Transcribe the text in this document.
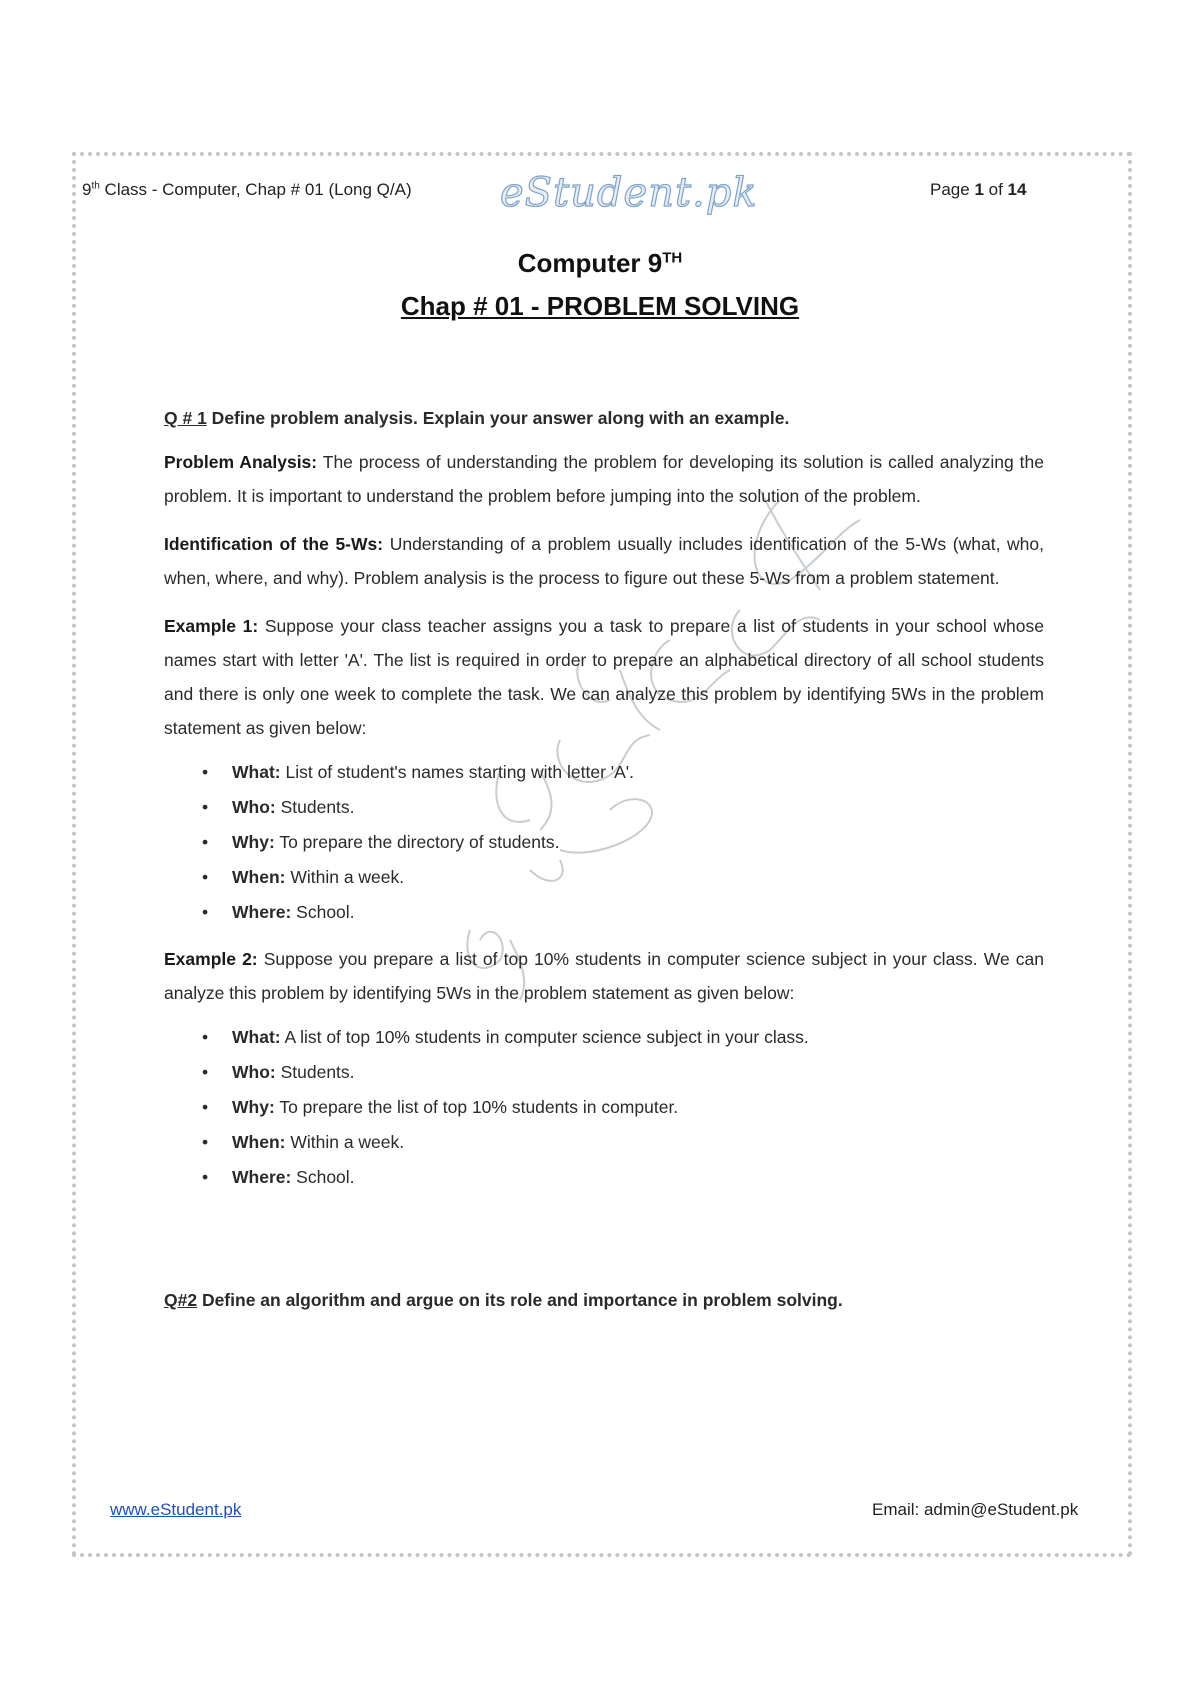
9th Class - Computer, Chap # 01 (Long Q/A) eStudent.pk	Page 1 of 14
Computer 9TH
Chap # 01 - PROBLEM SOLVING

Q # 1 Define problem analysis. Explain your answer along with an example.

Problem Analysis: The process of understanding the problem for developing its solution is called analyzing the problem. It is important to understand the problem before jumping into the solution of the problem.

Identification of the 5-Ws: Understanding of a problem usually includes identification of the 5-Ws (what, who, when, where, and why). Problem analysis is the process to figure out these 5-Ws from a problem statement.

Example 1: Suppose your class teacher assigns you a task to prepare a list of students in your school whose names start with letter 'A'. The list is required in order to prepare an alphabetical directory of all school students and there is only one week to complete the task. We can analyze this problem by identifying 5Ws in the problem statement as given below:

• What: List of student's names starting with letter 'A'.
• Who: Students.
• Why: To prepare the directory of students.
• When: Within a week.
• Where: School.

Example 2: Suppose you prepare a list of top 10% students in computer science subject in your class. We can analyze this problem by identifying 5Ws in the problem statement as given below:

• What: A list of top 10% students in computer science subject in your class.
• Who: Students.
• Why: To prepare the list of top 10% students in computer.
• When: Within a week.
• Where: School.

Q#2 Define an algorithm and argue on its role and importance in problem solving.

www.eStudent.pk	Email: admin@eStudent.pk
